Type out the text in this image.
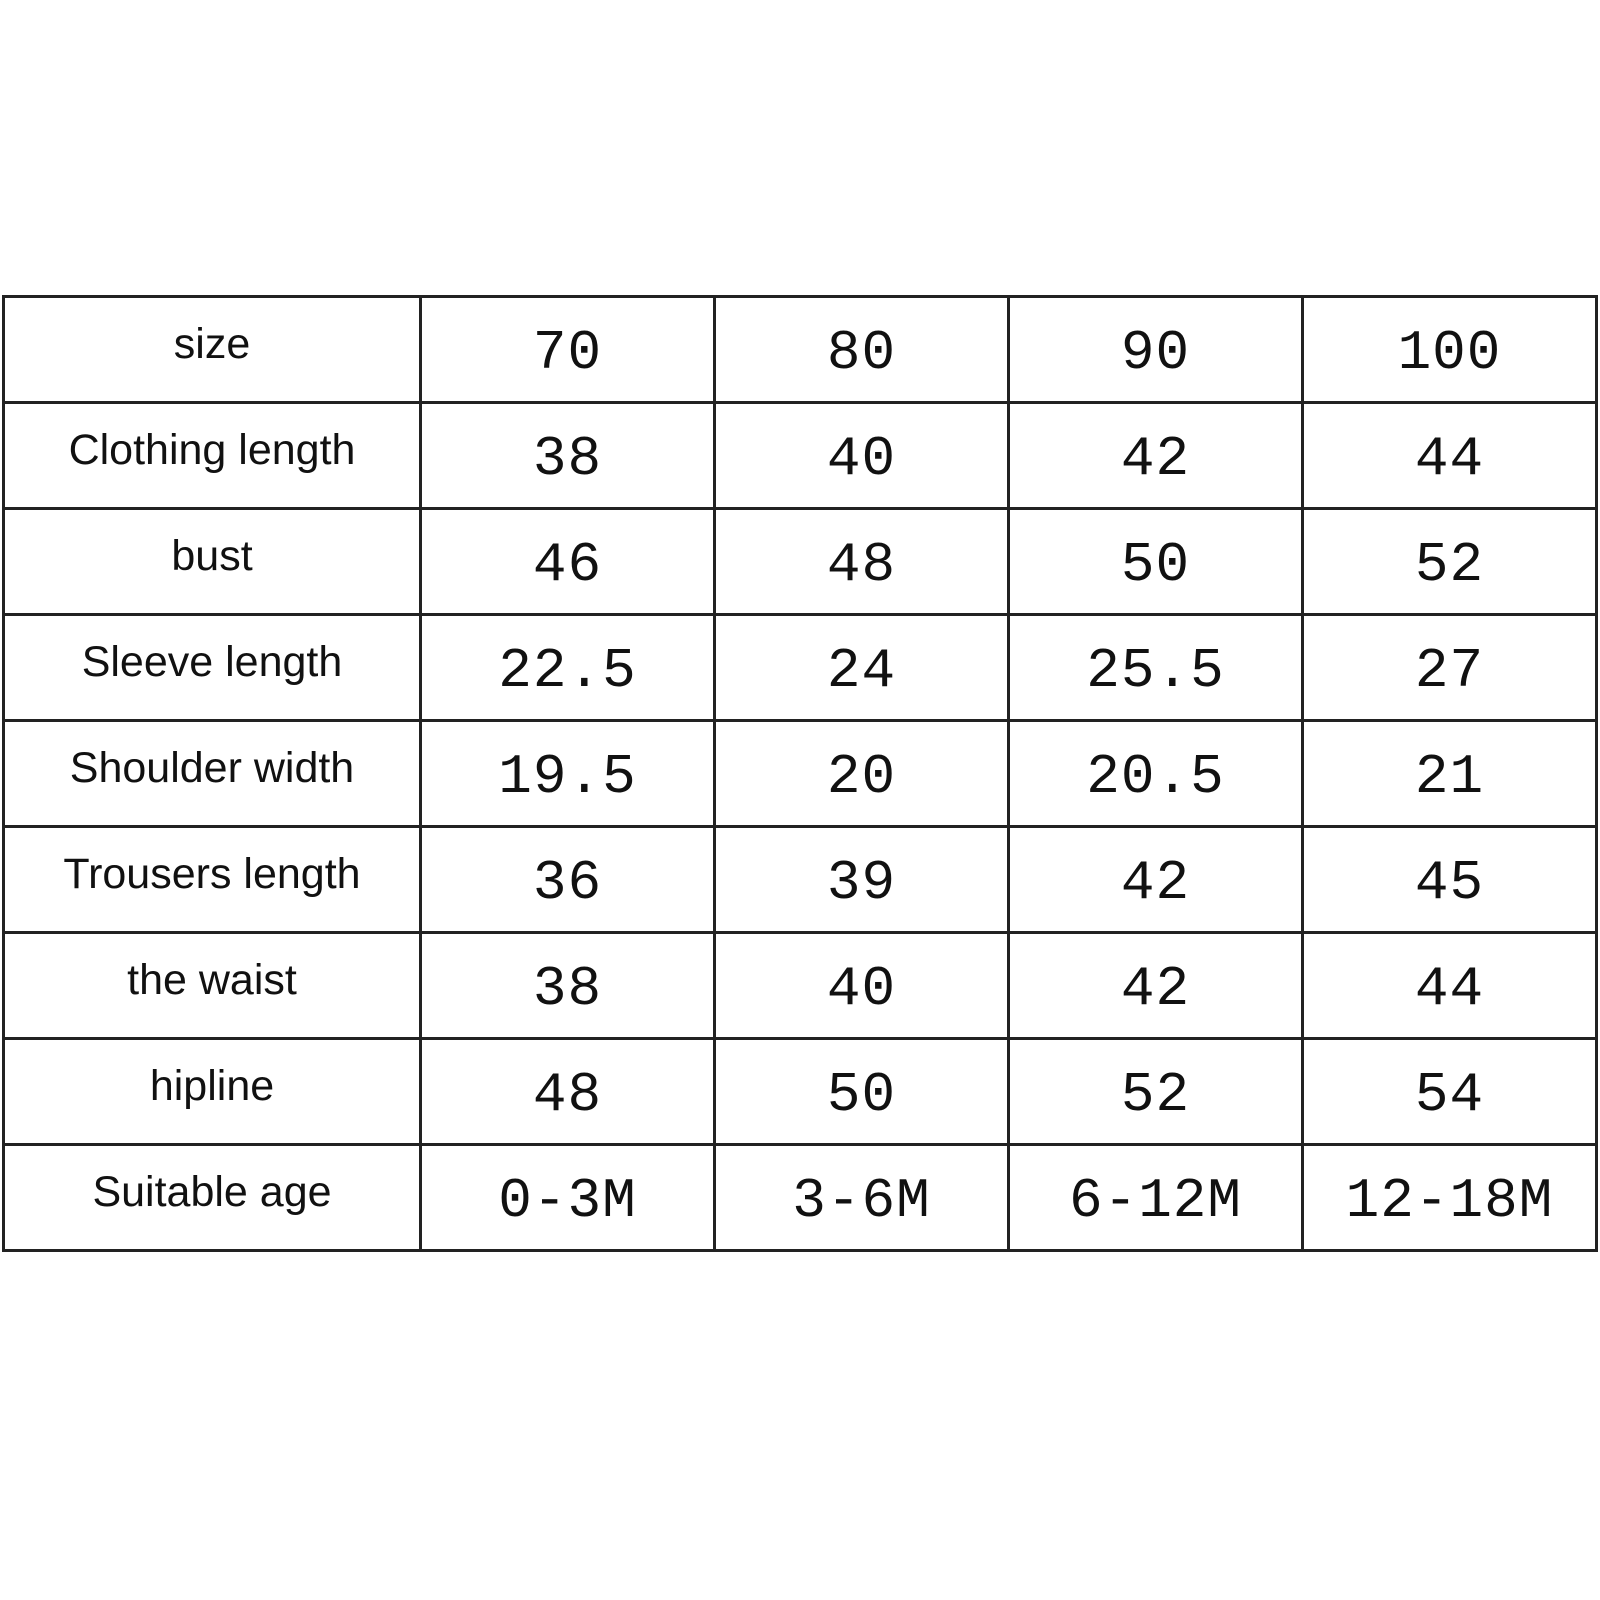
size	70	80	90	100
Clothing length	38	40	42	44
bust	46	48	50	52
Sleeve length	22.5	24	25.5	27
Shoulder width	19.5	20	20.5	21
Trousers length	36	39	42	45
the waist	38	40	42	44
hipline	48	50	52	54
Suitable age	0-3M	3-6M	6-12M	12-18M
